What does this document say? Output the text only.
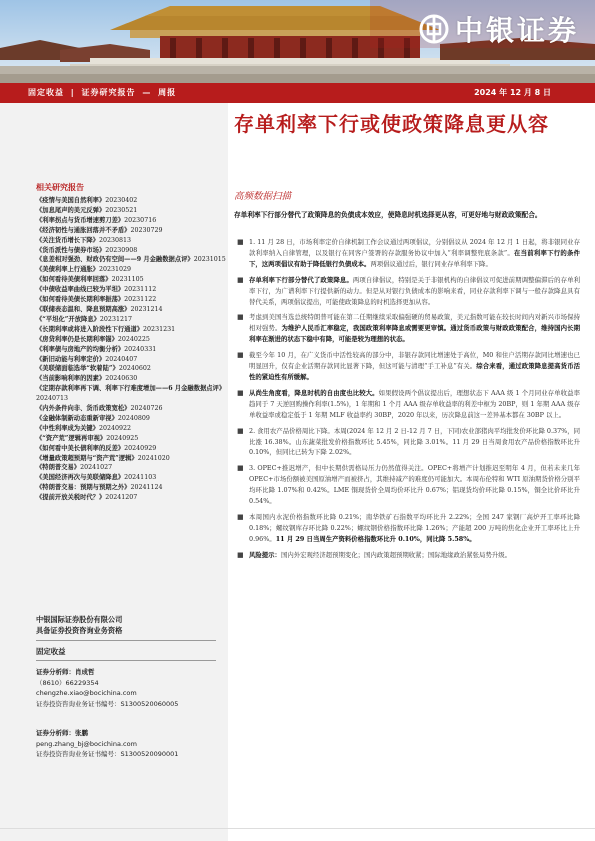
中银证券
固定收益 | 证券研究报告 — 周报	2024 年 12 月 8 日
相关研究报告
《疫情与美国自然利率》20230402
《加息尾声的美元反弹》20230521
《利率拐点与货币增速剪刀差》20230716
《经济韧性与通胀回落并不矛盾》20230729
《关注货币增长下降》20230813
《货币派性与债券市场》20230908
《息差相对强劲、财政仍有空间——9 月金融数据点评》20231015
《美债利率上行通胀》20231029
《如何看待美债利率回落》20231105
《中债收益率曲线已较为平坦》20231112
《如何看待美债长期利率振荡》20231122
《联储表态温和、降息预期高涨》20231214
《“平坦化”开放降息》20231217
《长期利率或将进入阶段性下行通道》20231231
《房贷利率仍是长期利率锚》20240225
《利率债与房地产的均衡分析》20240331
《新旧动能与利率定价》20240407
《美联储面临选举“软着陆”》20240602
《当前影响利率的因素》20240630
《定期存款利率再下调、利率下行难度增加——6 月金融数据点评》20240713
《内外条件向非、货币政策宽松》20240726
《金融体制新动态重新审视》20240809
《中性利率成为关键》20240922
《“资产荒”逻辑再审视》20240925
《如何看中美长债利率的反差》20240929
《增量政策超预期与“资产荒”逻辑》20241020
《特朗普交易》20241027
《美国经济再次与美联储降息》20241103
《特朗普交易：预期与预期之外》20241124
《提前开放关税时代？》20241207
中银国际证券股份有限公司
具备证券投资咨询业务资格
固定收益
证券分析师：肖成哲
（8610）66229354
chengzhe.xiao@bocichina.com
证券投资咨询业务证书编号：S1300520060005
证券分析师：张鹏
peng.zhang_bj@bocichina.com
证券投资咨询业务证书编号：S1300520090001
存单利率下行或使政策降息更从容
高频数据扫描
存单利率下行部分替代了政策降息的负债成本效应，使降息时机选择更从容，可更好地与财政政策配合。
■ 1. 11 月 28 日，市场利率定价自律机制工作会议通过两项倡议，分别倡议从 2024 年 12 月 1 日起，将非银同业存款利率纳入自律管理，以及银行在同客户签署的存款服务协议中加入“利率调整兜底条款”。在当前利率下行的条件下，这两项倡议有助于降低银行负债成本。两项倡议通过后，银行同业存单利率下降。
■ 存单利率下行部分替代了政策降息。两项自律倡议，特别是关于非银机构的自律倡议可促进前期调整偏滞后的存单利率下行，为广谱利率下行提供新的动力。但是从对银行负债成本的影响来看，同业存款利率下调与一般存款降息具有替代关系，两项倡议提出，可能使政策降息的时机选择更加从容。
■ 考虑到美国当选总统特朗普可能在第二任期继续采取偏强硬的贸易政策，美元指数可能在较长时间内对新兴市场保持相对强势。为维护人民币汇率稳定，我国政策利率降息或需要更审慎。通过货币政策与财政政策配合，维持国内长期利率在渐进的状态下稳中有降，可能是较为理想的状态。
■ 截至今年 10 月，在广义货币中活性较高的部分中，非银存款同比增速处于高位，M0 和住户活期存款同比增速也已明显回升，仅有企业活期存款同比显著下降，但这可能与清理“手工补息”有关。综合来看，通过政策降息提高货币活性的紧迫性有所缓解。
■ 从尚生角度看，降息时机的自由度也比较大。如果假设两个倡议提出后，理想状态下 AAA 级 1 个月同业存单收益率趋同于 7 天逆回购操作利率(1.5%)，1 年期和 1 个月 AAA 级存单收益率的利差中枢为 20BP，则 1 年期 AAA 级存单收益率或稳定低于 1 年期 MLF 收益率约 30BP，2020 年以来，历次降息前这一差异基本都在 30BP 以上。
■ 2. 食用农产品价格周比下降。本周(2024 年 12 月 2 日-12 月 7 日，下同)农业部猪肉平均批发价环比降 0.37%，同比涨 16.38%。山东蔬菜批发价格指数环比 5.45%，同比降 3.01%。11 月 29 日当周食用农产品价格指数环比升 0.10%，但同比已转为下降 2.02%。
■ 3. OPEC+推迟增产，但中长期供需格局压力仍然值得关注。OPEC+将增产计划推迟至明年 4 月，但若未来几年 OPEC+市场份额被美国原油增产而被挤占，其维持减产的难度仍可能加大。本周布伦特和 WTI 原油期货价格分别平均环比降 1.07%和 0.42%。LME 铜现货价全周均价环比升 0.67%；铝现货均价环比降 0.15%，铜全比价环比升 0.54%。
■ 本周国内水泥价格指数环比降 0.21%；南华铁矿石指数平均环比升 2.22%；全国 247 家钢厂高炉开工率环比降 0.18%；螺纹钢库存环比降 0.22%；螺纹钢价格指数环比降 1.26%；产能超 200 万吨的焦化企业开工率环比上升 0.96%。11 月 29 日当周生产资料价格指数环比升 0.10%，同比降 5.58%。
■ 风险提示：国内外宏观经济超预期变化；国内政策超预期收紧；国际地缘政治紧张局势升级。
